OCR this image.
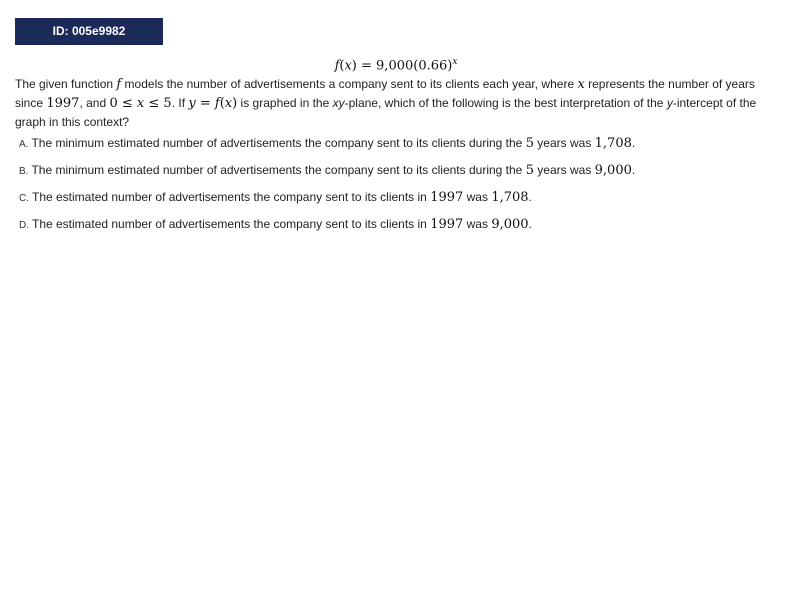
ID: 005e9982
$f(x) = 9,000(0.66)^x$
The given function f models the number of advertisements a company sent to its clients each year, where x represents the number of years since 1997, and 0 ≤ x ≤ 5. If y = f(x) is graphed in the xy-plane, which of the following is the best interpretation of the y-intercept of the graph in this context?
A. The minimum estimated number of advertisements the company sent to its clients during the 5 years was 1,708.
B. The minimum estimated number of advertisements the company sent to its clients during the 5 years was 9,000.
C. The estimated number of advertisements the company sent to its clients in 1997 was 1,708.
D. The estimated number of advertisements the company sent to its clients in 1997 was 9,000.
